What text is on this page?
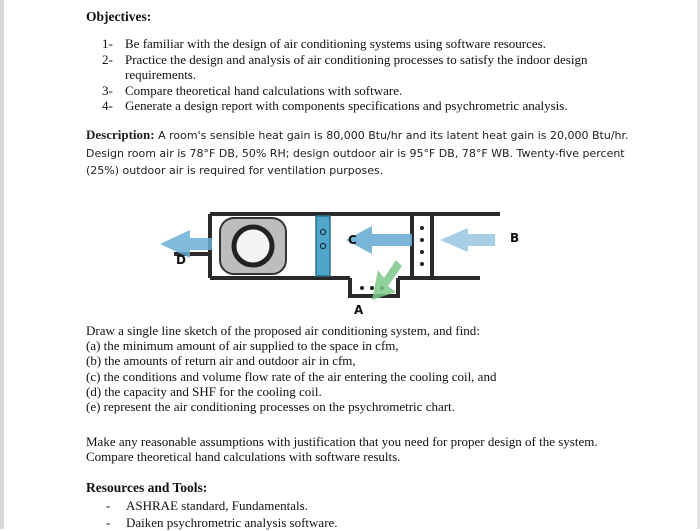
Objectives:
1- Be familiar with the design of air conditioning systems using software resources.
2- Practice the design and analysis of air conditioning processes to satisfy the indoor design requirements.
3- Compare theoretical hand calculations with software.
4- Generate a design report with components specifications and psychrometric analysis.
Description: A room's sensible heat gain is 80,000 Btu/hr and its latent heat gain is 20,000 Btu/hr. Design room air is 78°F DB, 50% RH; design outdoor air is 95°F DB, 78°F WB. Twenty-five percent (25%) outdoor air is required for ventilation purposes.
C	B
D
A
Draw a single line sketch of the proposed air conditioning system, and find:
(a) the minimum amount of air supplied to the space in cfm,
(b) the amounts of return air and outdoor air in cfm,
(c) the conditions and volume flow rate of the air entering the cooling coil, and
(d) the capacity and SHF for the cooling coil.
(e) represent the air conditioning processes on the psychrometric chart.
Make any reasonable assumptions with justification that you need for proper design of the system. Compare theoretical hand calculations with software results.
Resources and Tools:
-	ASHRAE standard, Fundamentals.
-	Daiken psychrometric analysis software.
